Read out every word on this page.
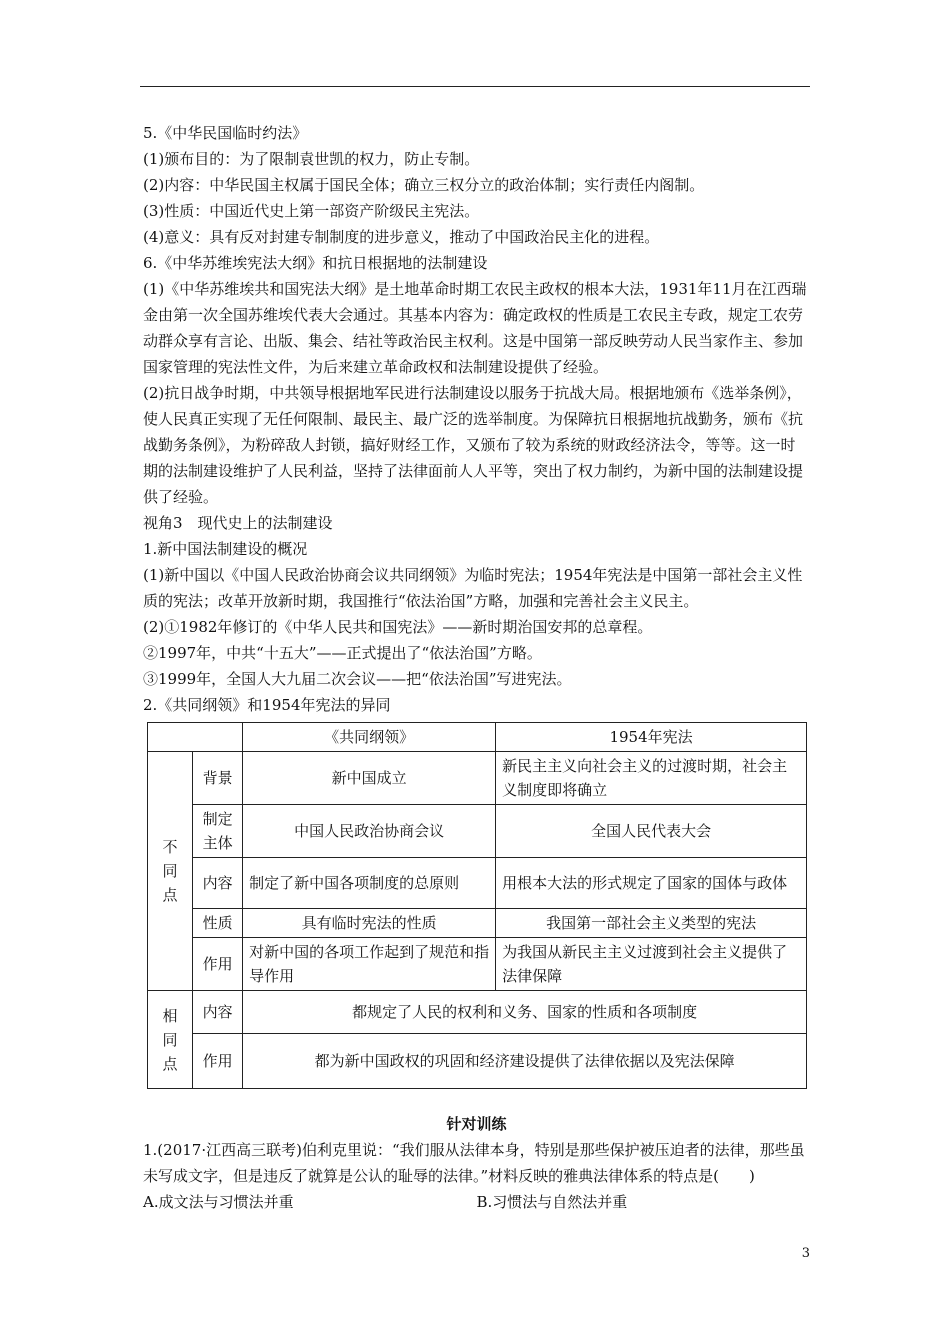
5.《中华民国临时约法》

(1)颁布目的：为了限制袁世凯的权力，防止专制。

(2)内容：中华民国主权属于国民全体；确立三权分立的政治体制；实行责任内阁制。

(3)性质：中国近代史上第一部资产阶级民主宪法。

(4)意义：具有反对封建专制制度的进步意义，推动了中国政治民主化的进程。

6.《中华苏维埃宪法大纲》和抗日根据地的法制建设

(1)《中华苏维埃共和国宪法大纲》是土地革命时期工农民主政权的根本大法，1931年11月在江西瑞金由第一次全国苏维埃代表大会通过。其基本内容为：确定政权的性质是工农民主专政，规定工农劳动群众享有言论、出版、集会、结社等政治民主权利。这是中国第一部反映劳动人民当家作主、参加国家管理的宪法性文件，为后来建立革命政权和法制建设提供了经验。

(2)抗日战争时期，中共领导根据地军民进行法制建设以服务于抗战大局。根据地颁布《选举条例》，使人民真正实现了无任何限制、最民主、最广泛的选举制度。为保障抗日根据地抗战勤务，颁布《抗战勤务条例》，为粉碎敌人封锁，搞好财经工作，又颁布了较为系统的财政经济法令，等等。这一时期的法制建设维护了人民利益，坚持了法律面前人人平等，突出了权力制约，为新中国的法制建设提供了经验。

视角3　现代史上的法制建设

1.新中国法制建设的概况

(1)新中国以《中国人民政治协商会议共同纲领》为临时宪法；1954年宪法是中国第一部社会主义性质的宪法；改革开放新时期，我国推行“依法治国”方略，加强和完善社会主义民主。

(2)①1982年修订的《中华人民共和国宪法》——新时期治国安邦的总章程。

②1997年，中共“十五大”——正式提出了“依法治国”方略。

③1999年，全国人大九届二次会议——把“依法治国”写进宪法。

2.《共同纲领》和1954年宪法的异同

		《共同纲领》	1954年宪法
不
同
点	背景	新中国成立	新民主主义向社会主义的过渡时期，社会主义制度即将确立
	制定
主体	中国人民政治协商会议	全国人民代表大会
	内容	制定了新中国各项制度的总原则	用根本大法的形式规定了国家的国体与政体
	性质	具有临时宪法的性质	我国第一部社会主义类型的宪法
	作用	对新中国的各项工作起到了规范和指导作用	为我国从新民主主义过渡到社会主义提供了法律保障
相
同
点	内容	都规定了人民的权利和义务、国家的性质和各项制度	
	作用	都为新中国政权的巩固和经济建设提供了法律依据以及宪法保障	

针对训练

1.(2017·江西高三联考)伯利克里说：“我们服从法律本身，特别是那些保护被压迫者的法律，那些虽未写成文字，但是违反了就算是公认的耻辱的法律。”材料反映的雅典法律体系的特点是(　　)

A.成文法与习惯法并重	B.习惯法与自然法并重
3
